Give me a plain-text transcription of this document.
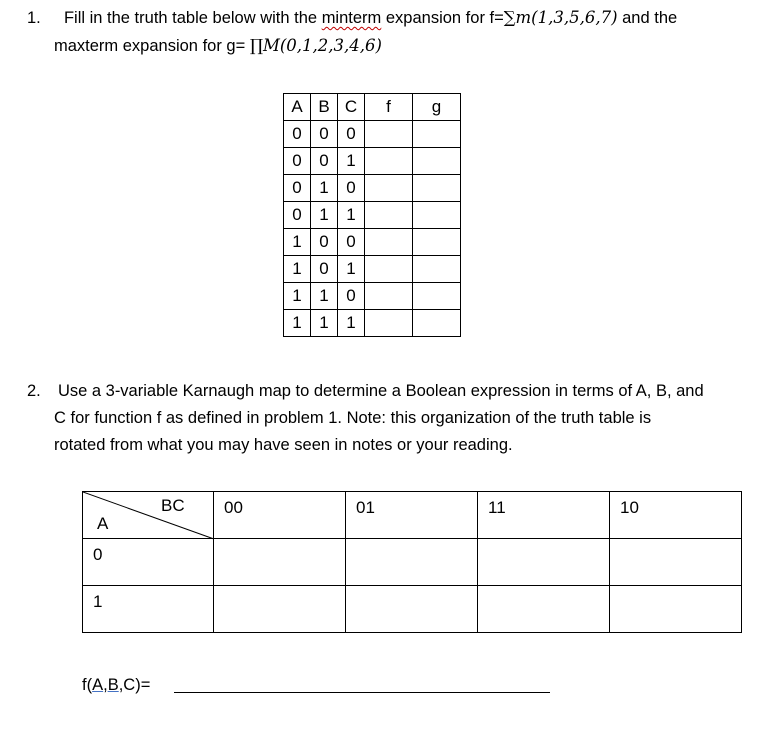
1. Fill in the truth table below with the minterm expansion for f=∑m(1,3,5,6,7) and the
maxterm expansion for g= ∏M(0,1,2,3,4,6)
A	B	C	f	g
0	0	0		
0	0	1		
0	1	0		
0	1	1		
1	0	0		
1	0	1		
1	1	0		
1	1	1		
2. Use a 3-variable Karnaugh map to determine a Boolean expression in terms of A, B, and
C for function f as defined in problem 1. Note: this organization of the truth table is
rotated from what you may have seen in notes or your reading.
BC
A	00	01	11	10
0				
1				
f(A,B,C)=
